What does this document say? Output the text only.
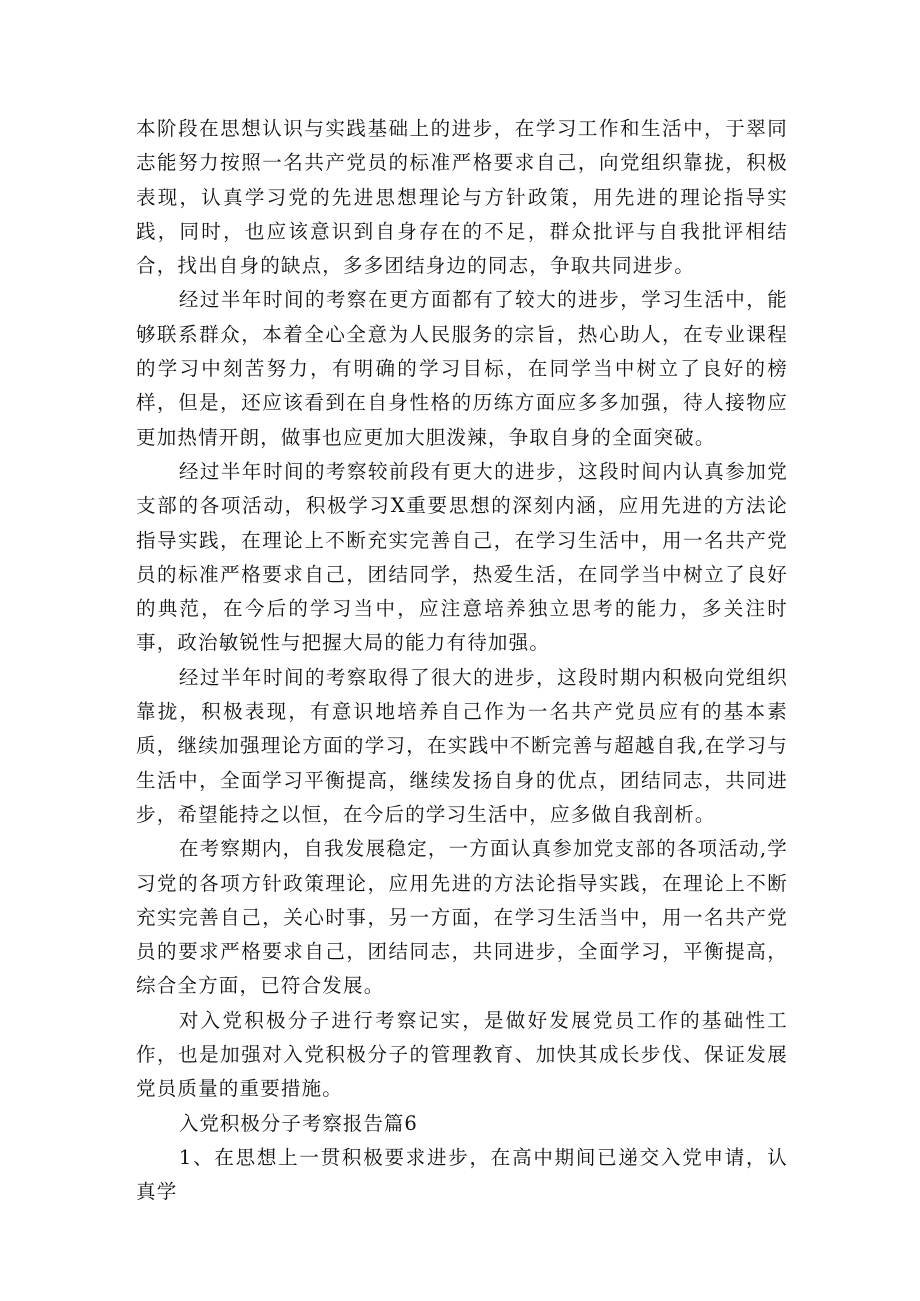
本阶段在思想认识与实践基础上的进步，在学习工作和生活中，于翠同志能努力按照一名共产党员的标准严格要求自己，向党组织靠拢，积极表现，认真学习党的先进思想理论与方针政策，用先进的理论指导实践，同时，也应该意识到自身存在的不足，群众批评与自我批评相结合，找出自身的缺点，多多团结身边的同志，争取共同进步。

经过半年时间的考察在更方面都有了较大的进步，学习生活中，能够联系群众，本着全心全意为人民服务的宗旨，热心助人，在专业课程的学习中刻苦努力，有明确的学习目标，在同学当中树立了良好的榜样，但是，还应该看到在自身性格的历练方面应多多加强，待人接物应更加热情开朗，做事也应更加大胆泼辣，争取自身的全面突破。

经过半年时间的考察较前段有更大的进步，这段时间内认真参加党支部的各项活动，积极学习X重要思想的深刻内涵，应用先进的方法论指导实践，在理论上不断充实完善自己，在学习生活中，用一名共产党员的标准严格要求自己，团结同学，热爱生活，在同学当中树立了良好的典范，在今后的学习当中，应注意培养独立思考的能力，多关注时事，政治敏锐性与把握大局的能力有待加强。

经过半年时间的考察取得了很大的进步，这段时期内积极向党组织靠拢，积极表现，有意识地培养自己作为一名共产党员应有的基本素质，继续加强理论方面的学习，在实践中不断完善与超越自我,在学习与生活中，全面学习平衡提高，继续发扬自身的优点，团结同志，共同进步，希望能持之以恒，在今后的学习生活中，应多做自我剖析。

在考察期内，自我发展稳定，一方面认真参加党支部的各项活动,学习党的各项方针政策理论，应用先进的方法论指导实践，在理论上不断充实完善自己，关心时事，另一方面，在学习生活当中，用一名共产党员的要求严格要求自己，团结同志，共同进步，全面学习，平衡提高，综合全方面，已符合发展。

对入党积极分子进行考察记实，是做好发展党员工作的基础性工作，也是加强对入党积极分子的管理教育、加快其成长步伐、保证发展党员质量的重要措施。

入党积极分子考察报告篇6

1、在思想上一贯积极要求进步，在高中期间已递交入党申请，认真学
